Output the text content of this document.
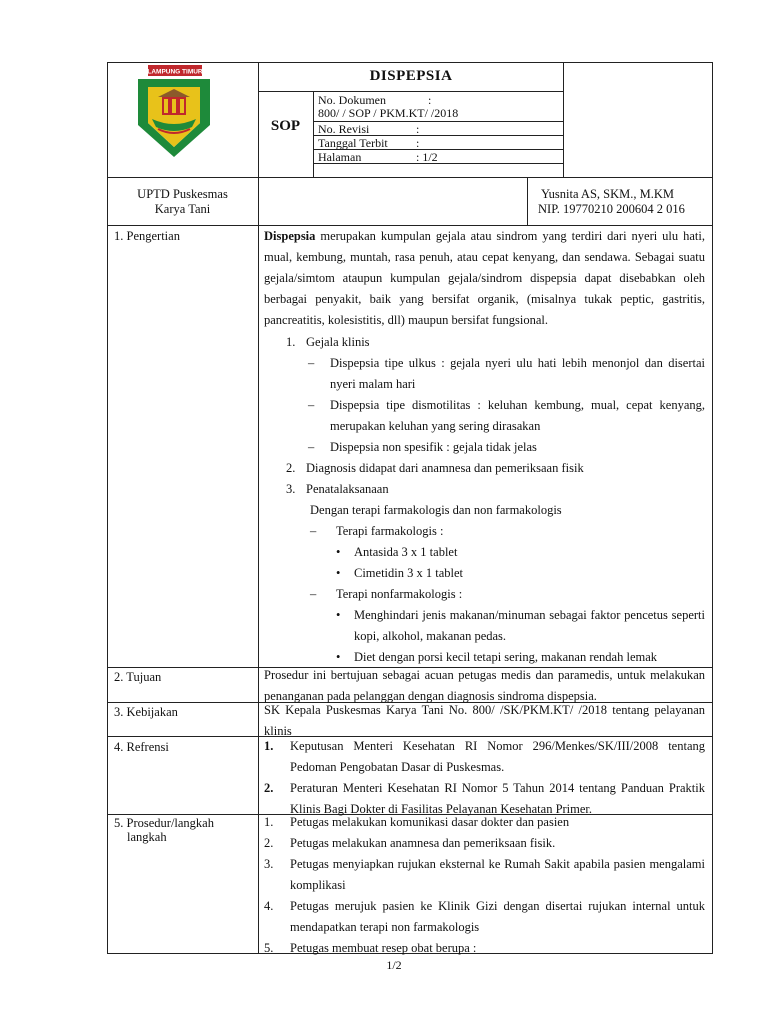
LAMPUNG TIMUR	DISPEPSIA
SOP
No. Dokumen	:
800/ / SOP / PKM.KT/ /2018
No. Revisi	:
Tanggal Terbit :
Halaman	: 1/2
UPTD Puskesmas
Karya Tani
Yusnita AS, SKM., M.KM
NIP. 19770210 200604 2 016
1. Pengertian	Dispepsia merupakan kumpulan gejala atau sindrom yang terdiri dari nyeri ulu hati, mual, kembung, muntah, rasa penuh, atau cepat kenyang, dan sendawa. Sebagai suatu gejala/simtom ataupun kumpulan gejala/sindrom dispepsia dapat disebabkan oleh berbagai penyakit, baik yang bersifat organik, (misalnya tukak peptic, gastritis, pancreatitis, kolesistitis, dll) maupun bersifat fungsional.
1. Gejala klinis
–	Dispepsia tipe ulkus : gejala nyeri ulu hati lebih menonjol dan disertai nyeri malam hari
–	Dispepsia tipe dismotilitas : keluhan kembung, mual, cepat kenyang, merupakan keluhan yang sering dirasakan
–	Dispepsia non spesifik : gejala tidak jelas
2. Diagnosis didapat dari anamnesa dan pemeriksaan fisik
3. Penatalaksanaan
Dengan terapi farmakologis dan non farmakologis
–	Terapi farmakologis :
•	Antasida 3 x 1 tablet
•	Cimetidin 3 x 1 tablet
–	Terapi nonfarmakologis :
•	Menghindari jenis makanan/minuman sebagai faktor pencetus seperti kopi, alkohol, makanan pedas.
•	Diet dengan porsi kecil tetapi sering, makanan rendah lemak
2. Tujuan	Prosedur ini bertujuan sebagai acuan petugas medis dan paramedis, untuk melakukan penanganan pada pelanggan dengan diagnosis sindroma dispepsia.
3. Kebijakan	SK Kepala Puskesmas Karya Tani No. 800/ /SK/PKM.KT/ /2018 tentang pelayanan klinis
4. Refrensi	1.	Keputusan Menteri Kesehatan RI Nomor 296/Menkes/SK/III/2008 tentang Pedoman Pengobatan Dasar di Puskesmas.
2.	Peraturan Menteri Kesehatan RI Nomor 5 Tahun 2014 tentang Panduan Praktik Klinis Bagi Dokter di Fasilitas Pelayanan Kesehatan Primer.
5. Prosedur/langkah
langkah
1.	Petugas melakukan komunikasi dasar dokter dan pasien
2.	Petugas melakukan anamnesa dan pemeriksaan fisik.
3.	Petugas menyiapkan rujukan eksternal ke Rumah Sakit apabila pasien mengalami komplikasi
4.	Petugas merujuk pasien ke Klinik Gizi dengan disertai rujukan internal untuk mendapatkan terapi non farmakologis
5.	Petugas membuat resep obat berupa :
1/2
